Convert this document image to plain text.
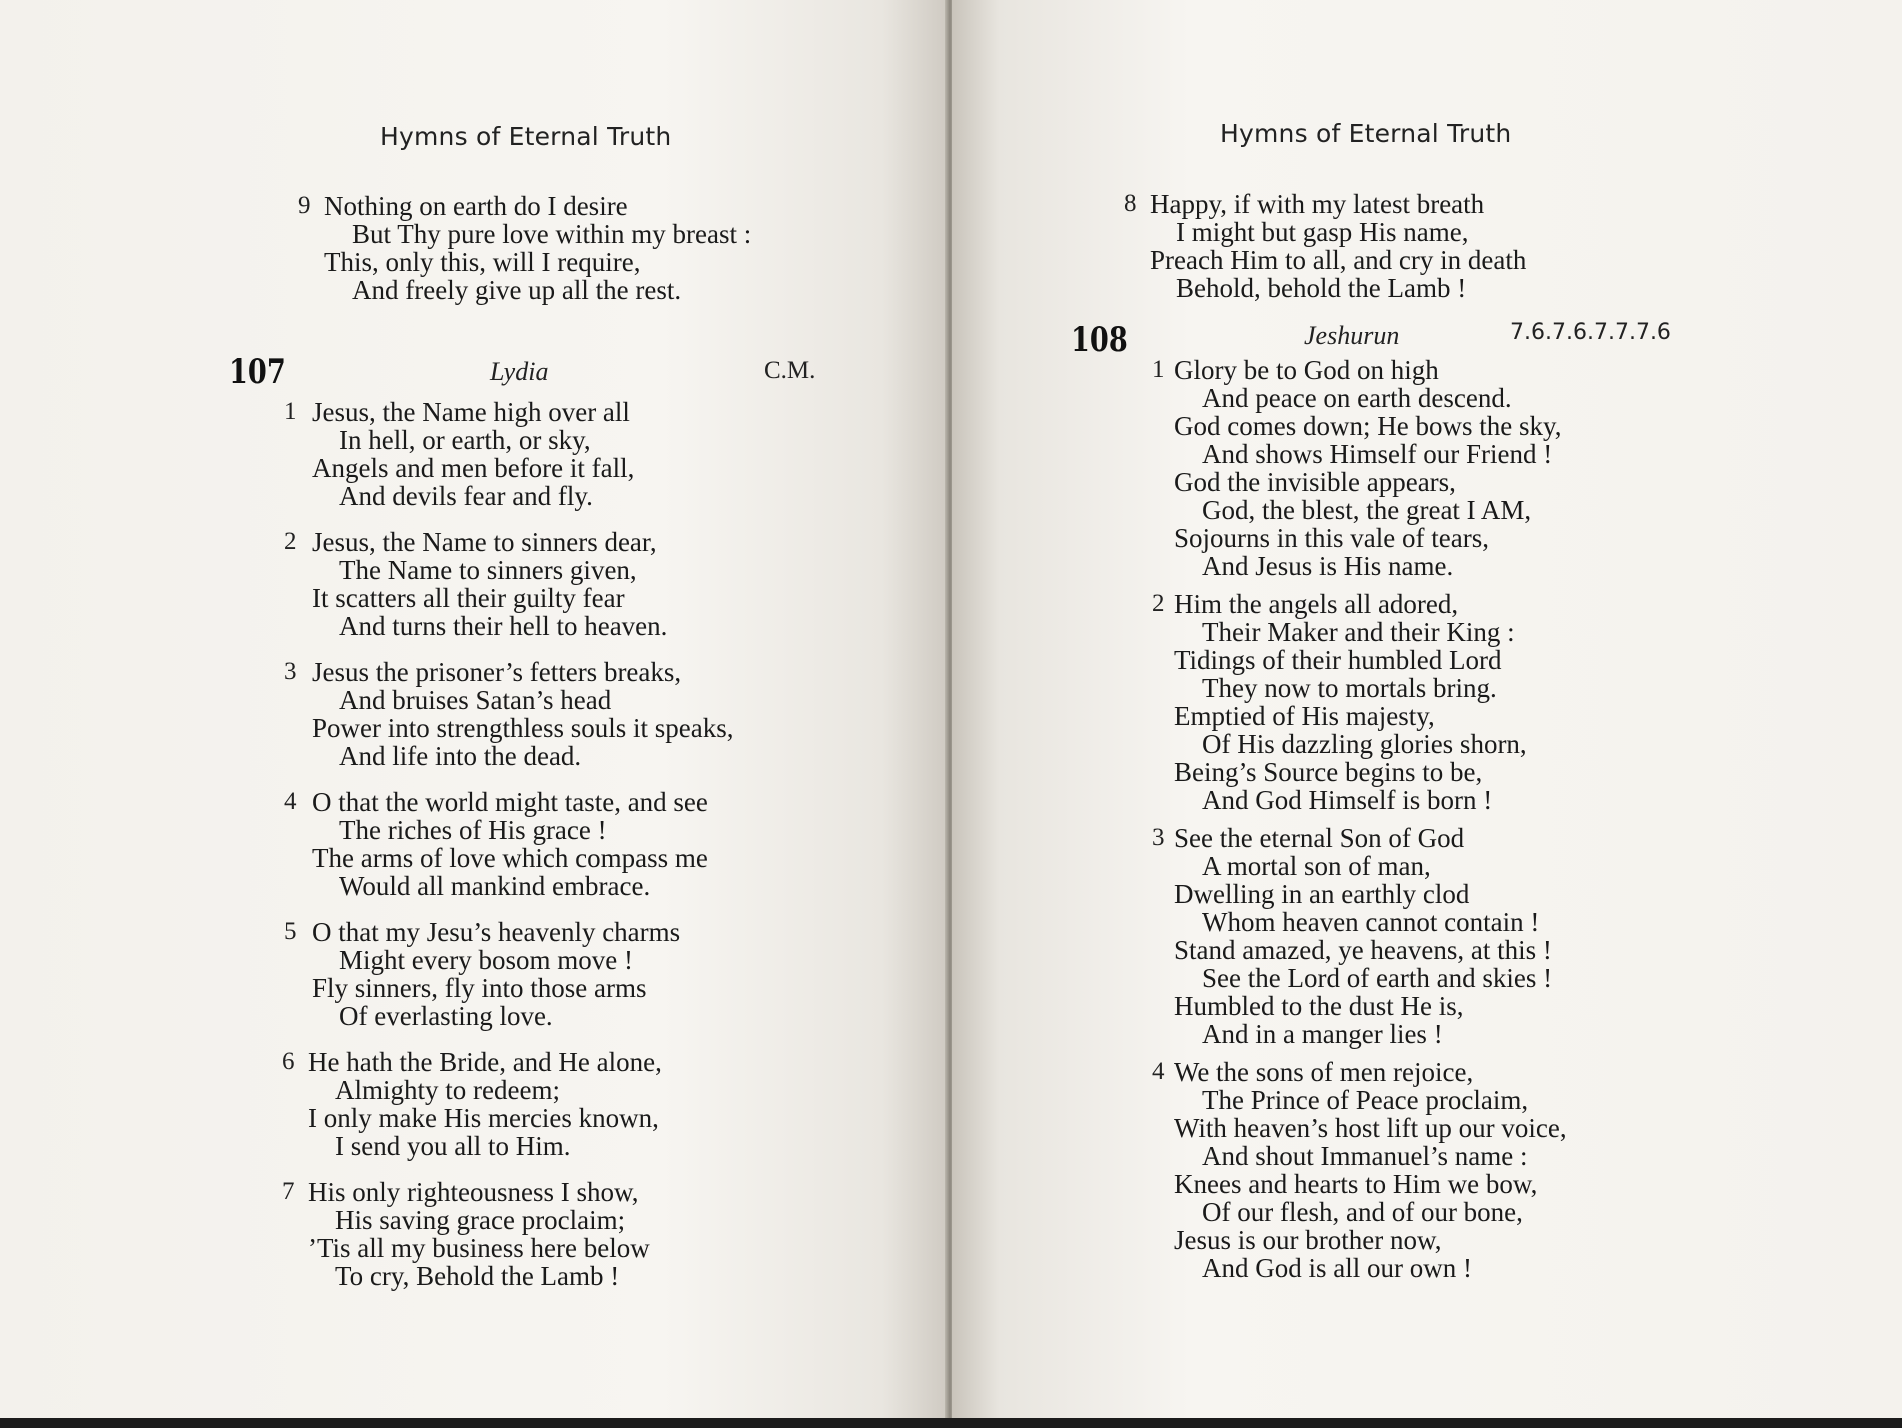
Hymns of Eternal Truth
9 Nothing on earth do I desire
But Thy pure love within my breast :
This, only this, will I require,
And freely give up all the rest.
107	Lydia	C.M.
1 Jesus, the Name high over all
In hell, or earth, or sky,
Angels and men before it fall,
And devils fear and fly.
2 Jesus, the Name to sinners dear,
The Name to sinners given,
It scatters all their guilty fear
And turns their hell to heaven.
3 Jesus the prisoner’s fetters breaks,
And bruises Satan’s head
Power into strengthless souls it speaks,
And life into the dead.
4 O that the world might taste, and see
The riches of His grace !
The arms of love which compass me
Would all mankind embrace.
5 O that my Jesu’s heavenly charms
Might every bosom move !
Fly sinners, fly into those arms
Of everlasting love.
6 He hath the Bride, and He alone,
Almighty to redeem;
I only make His mercies known,
I send you all to Him.
7 His only righteousness I show,
His saving grace proclaim;
’Tis all my business here below
To cry, Behold the Lamb !
Hymns of Eternal Truth
8 Happy, if with my latest breath
I might but gasp His name,
Preach Him to all, and cry in death
Behold, behold the Lamb !
108	Jeshurun	7.6.7.6.7.7.7.6
1 Glory be to God on high
And peace on earth descend.
God comes down; He bows the sky,
And shows Himself our Friend !
God the invisible appears,
God, the blest, the great I AM,
Sojourns in this vale of tears,
And Jesus is His name.
2 Him the angels all adored,
Their Maker and their King :
Tidings of their humbled Lord
They now to mortals bring.
Emptied of His majesty,
Of His dazzling glories shorn,
Being’s Source begins to be,
And God Himself is born !
3 See the eternal Son of God
A mortal son of man,
Dwelling in an earthly clod
Whom heaven cannot contain !
Stand amazed, ye heavens, at this !
See the Lord of earth and skies !
Humbled to the dust He is,
And in a manger lies !
4 We the sons of men rejoice,
The Prince of Peace proclaim,
With heaven’s host lift up our voice,
And shout Immanuel’s name :
Knees and hearts to Him we bow,
Of our flesh, and of our bone,
Jesus is our brother now,
And God is all our own !
